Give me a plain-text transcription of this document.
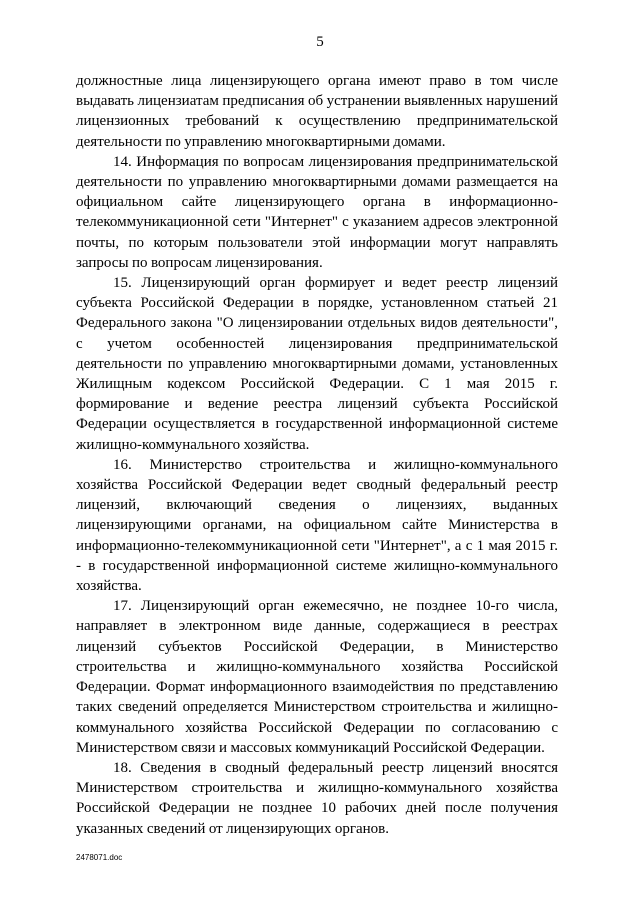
5

должностные лица лицензирующего органа имеют право в том числе выдавать лицензиатам предписания об устранении выявленных нарушений лицензионных требований к осуществлению предпринимательской деятельности по управлению многоквартирными домами.

14. Информация по вопросам лицензирования предпринимательской деятельности по управлению многоквартирными домами размещается на официальном сайте лицензирующего органа в информационно-телекоммуникационной сети "Интернет" с указанием адресов электронной почты, по которым пользователи этой информации могут направлять запросы по вопросам лицензирования.

15. Лицензирующий орган формирует и ведет реестр лицензий субъекта Российской Федерации в порядке, установленном статьей 21 Федерального закона "О лицензировании отдельных видов деятельности", с учетом особенностей лицензирования предпринимательской деятельности по управлению многоквартирными домами, установленных Жилищным кодексом Российской Федерации. С 1 мая 2015 г. формирование и ведение реестра лицензий субъекта Российской Федерации осуществляется в государственной информационной системе жилищно-коммунального хозяйства.

16. Министерство строительства и жилищно-коммунального хозяйства Российской Федерации ведет сводный федеральный реестр лицензий, включающий сведения о лицензиях, выданных лицензирующими органами, на официальном сайте Министерства в информационно-телекоммуникационной сети "Интернет", а с 1 мая 2015 г. - в государственной информационной системе жилищно-коммунального хозяйства.

17. Лицензирующий орган ежемесячно, не позднее 10-го числа, направляет в электронном виде данные, содержащиеся в реестрах лицензий субъектов Российской Федерации, в Министерство строительства и жилищно-коммунального хозяйства Российской Федерации. Формат информационного взаимодействия по представлению таких сведений определяется Министерством строительства и жилищно-коммунального хозяйства Российской Федерации по согласованию с Министерством связи и массовых коммуникаций Российской Федерации.

18. Сведения в сводный федеральный реестр лицензий вносятся Министерством строительства и жилищно-коммунального хозяйства Российской Федерации не позднее 10 рабочих дней после получения указанных сведений от лицензирующих органов.

2478071.doc
